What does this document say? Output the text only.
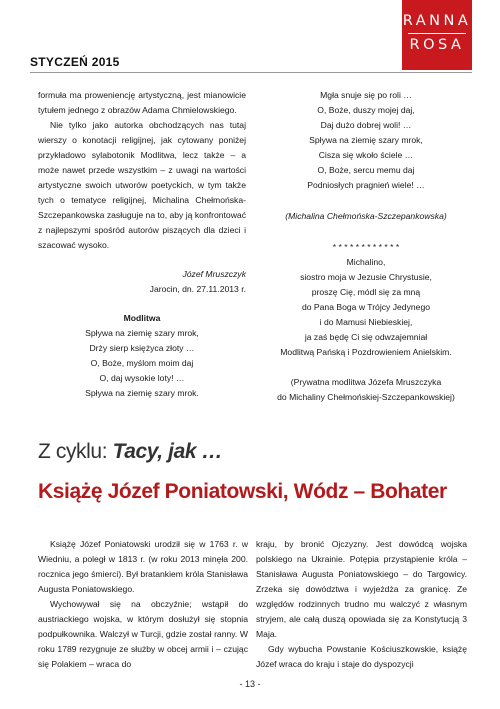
STYCZEŃ 2015
RANNA
ROSA

formuła ma proweniencję artystyczną, jest mianowicie tytułem jednego z obrazów Adama Chmielowskiego.

Nie tylko jako autorka obchodzących nas tutaj wierszy o konotacji religijnej, jak cytowany poniżej przykładowo sylabotonik Modlitwa, lecz także – a może nawet przede wszystkim – z uwagi na wartości artystyczne swoich utworów poetyckich, w tym także tych o tematyce religijnej, Michalina Chełmońska-Szczepankowska zasługuje na to, aby ją konfrontować z najlepszymi spośród autorów piszących dla dzieci i szacować wysoko.

Józef Mruszczyk

Jarocin, dn. 27.11.2013 r.

Modlitwa

Spływa na ziemię szary mrok,
Drży sierp księżyca złoty …
O, Boże, myślom moim daj
O, daj wysokie loty! …
Spływa na ziemię szary mrok.
Mgła snuje się po roli …
O, Boże, duszy mojej daj,
Daj dużo dobrej woli! …
Spływa na ziemię szary mrok,
Cisza się wkoło ściele …
O, Boże, sercu memu daj
Podniosłych pragnień wiele! …

(Michalina Chełmońska-Szczepankowska)

* * * * * * * * * * * *

Michalino,
siostro moja w Jezusie Chrystusie,
proszę Cię, módl się za mną
do Pana Boga w Trójcy Jedynego
i do Mamusi Niebieskiej,
ja zaś będę Ci się odwzajemniał
Modlitwą Pańską i Pozdrowieniem Anielskim.
(Prywatna modlitwa Józefa Mruszczyka
do Michaliny Chełmońskiej-Szczepankowskiej)
Z cyklu: Tacy, jak …
Książę Józef Poniatowski, Wódz – Bohater

Książę Józef Poniatowski urodził się w 1763 r. w Wiedniu, a poległ w 1813 r. (w roku 2013 minęła 200. rocznica jego śmierci). Był bratankiem króla Stanisława Augusta Poniatowskiego.

Wychowywał się na obczyźnie; wstąpił do austriackiego wojska, w którym dosłużył się stopnia podpułkownika. Walczył w Turcji, gdzie został ranny. W roku 1789 rezygnuje ze służby w obcej armii i – czując się Polakiem – wraca do

kraju, by bronić Ojczyzny. Jest dowódcą wojska polskiego na Ukrainie. Potępia przystąpienie króla – Stanisława Augusta Poniatowskiego – do Targowicy. Zrzeka się dowództwa i wyjeżdża za granicę. Ze względów rodzinnych trudno mu walczyć z własnym stryjem, ale całą duszą opowiada się za Konstytucją 3 Maja.

Gdy wybucha Powstanie Kościuszkowskie, książę Józef wraca do kraju i staje do dyspozycji

- 13 -
